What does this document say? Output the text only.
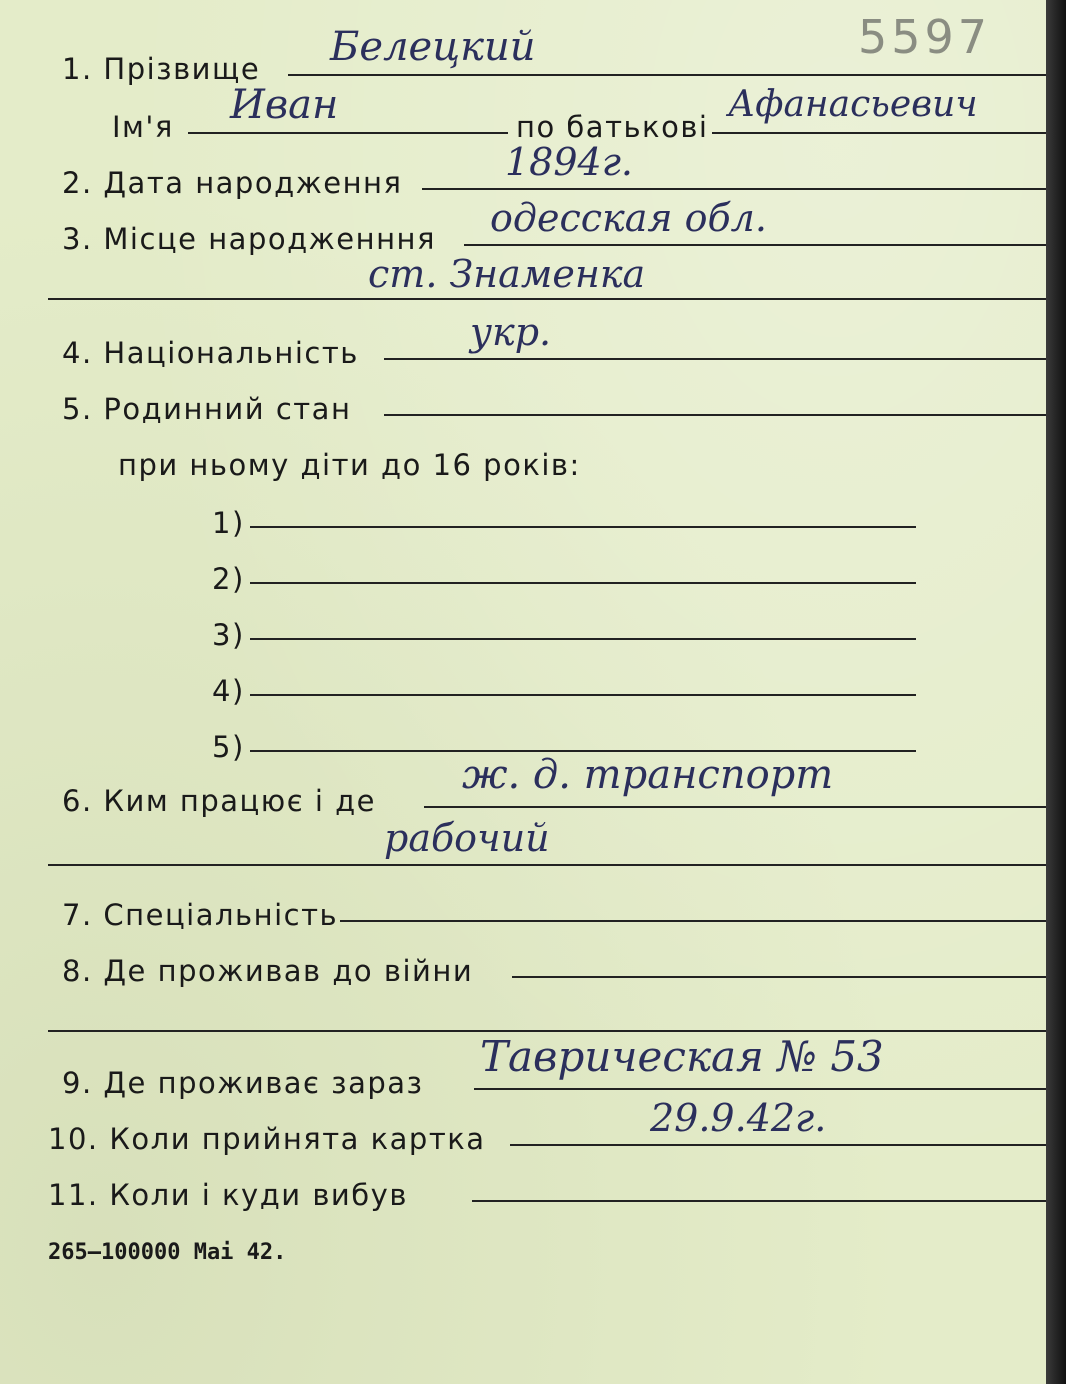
5597
1. Прізвище Белецкий
Ім'я Иван	по батькові
Афанасьевич
2. Дата народження	1894г.
3. Місце народженння одесская обл.
ст. Знаменка
4. Національність	укр.
5. Родинний стан
при ньому діти до 16 років:
1)
2)
3)
4)
5)
6. Ким працює і де
ж. д. транспорт
рабочий
7. Спеціальність
8. Де проживав до війни
9. Де проживає зараз
Таврическая № 53
10. Коли прийнята картка	29.9.42г.
11. Коли і куди вибув
265—100000 Mai 42.
